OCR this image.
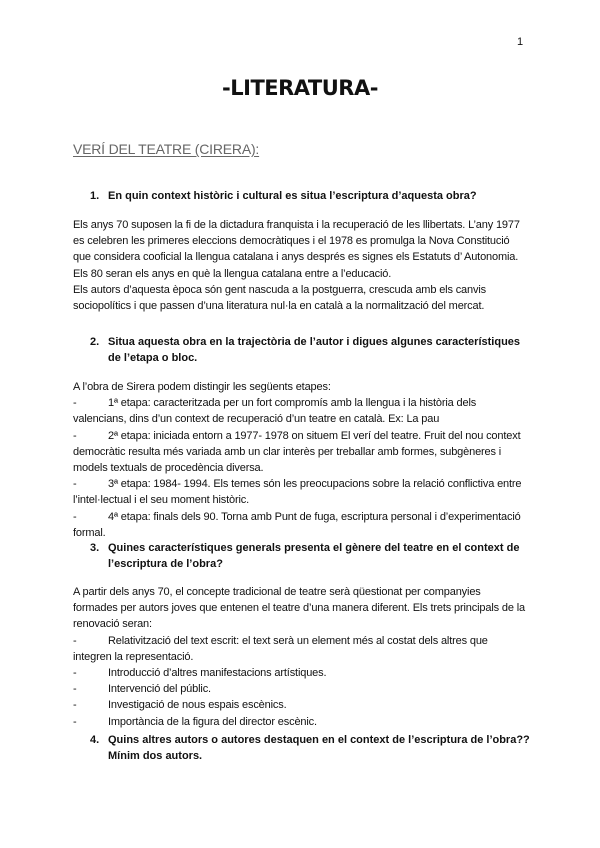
1
-LITERATURA-
VERÍ DEL TEATRE (CIRERA):
1. En quin context històric i cultural es situa l’escriptura d’aquesta obra?
Els anys 70 suposen la fi de la dictadura franquista i la recuperació de les llibertats. L’any 1977 es celebren les primeres eleccions democràtiques i el 1978 es promulga la Nova Constitució que considera cooficial la llengua catalana i anys després es signes els Estatuts d’ Autonomia.
Els 80 seran els anys en què la llengua catalana entre a l’educació.
Els autors d’aquesta època són gent nascuda a la postguerra, crescuda amb els canvis sociopolítics i que passen d’una literatura nul·la en català a la normalització del mercat.
2. Situa aquesta obra en la trajectòria de l’autor i digues algunes característiques de l’etapa o bloc.
A l’obra de Sirera podem distingir les següents etapes:
-	1ª etapa: caracteritzada per un fort compromís amb la llengua i la història dels valencians, dins d’un context de recuperació d’un teatre en català. Ex: La pau
-	2ª etapa: iniciada entorn a 1977- 1978 on situem El verí del teatre. Fruit del nou context democràtic resulta més variada amb un clar interès per treballar amb formes, subgèneres i models textuals de procedència diversa.
-	3ª etapa: 1984- 1994. Els temes són les preocupacions sobre la relació conflictiva entre l’intel·lectual i el seu moment històric.
-	4ª etapa: finals dels 90. Torna amb Punt de fuga, escriptura personal i d’experimentació formal.
3. Quines característiques generals presenta el gènere del teatre en el context de l’escriptura de l’obra?
A partir dels anys 70, el concepte tradicional de teatre serà qüestionat per companyies formades per autors joves que entenen el teatre d’una manera diferent. Els trets principals de la renovació seran:
-	Relativització del text escrit: el text serà un element més al costat dels altres que integren la representació.
-	Introducció d’altres manifestacions artístiques.
-	Intervenció del públic.
-	Investigació de nous espais escènics.
-	Importància de la figura del director escènic.
4. Quins altres autors o autores destaquen en el context de l’escriptura de l’obra?? Mínim dos autors.
